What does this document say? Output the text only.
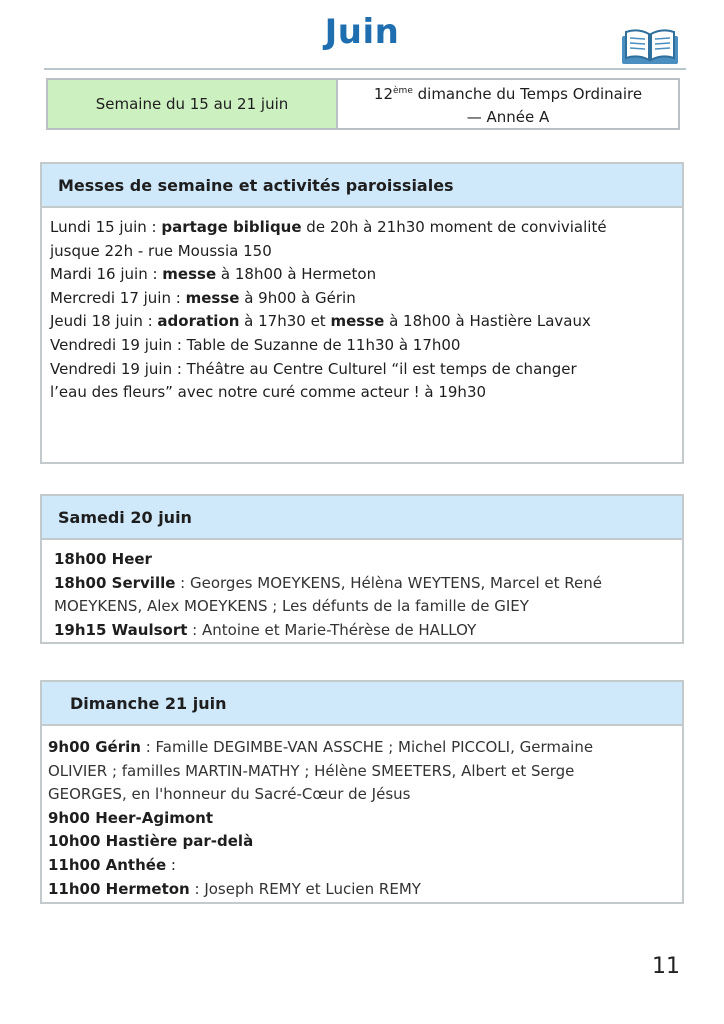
Juin
Semaine du 15 au 21 juin
12ème dimanche du Temps Ordinaire
— Année A
Messes de semaine et activités paroissiales
Lundi 15 juin : partage biblique de 20h à 21h30 moment de convivialité
jusque 22h - rue Moussia 150
Mardi 16 juin : messe à 18h00 à Hermeton
Mercredi 17 juin : messe à 9h00 à Gérin
Jeudi 18 juin : adoration à 17h30 et messe à 18h00 à Hastière Lavaux
Vendredi 19 juin : Table de Suzanne de 11h30 à 17h00
Vendredi 19 juin : Théâtre au Centre Culturel “il est temps de changer
l’eau des fleurs” avec notre curé comme acteur ! à 19h30
Samedi 20 juin
18h00 Heer
18h00 Serville : Georges MOEYKENS, Hélèna WEYTENS, Marcel et René
MOEYKENS, Alex MOEYKENS ; Les défunts de la famille de GIEY
19h15 Waulsort : Antoine et Marie-Thérèse de HALLOY
Dimanche 21 juin
9h00 Gérin : Famille DEGIMBE-VAN ASSCHE ; Michel PICCOLI, Germaine
OLIVIER ; familles MARTIN-MATHY ; Hélène SMEETERS, Albert et Serge
GEORGES, en l'honneur du Sacré-Cœur de Jésus
9h00 Heer-Agimont
10h00 Hastière par-delà
11h00 Anthée :
11h00 Hermeton : Joseph REMY et Lucien REMY
11
